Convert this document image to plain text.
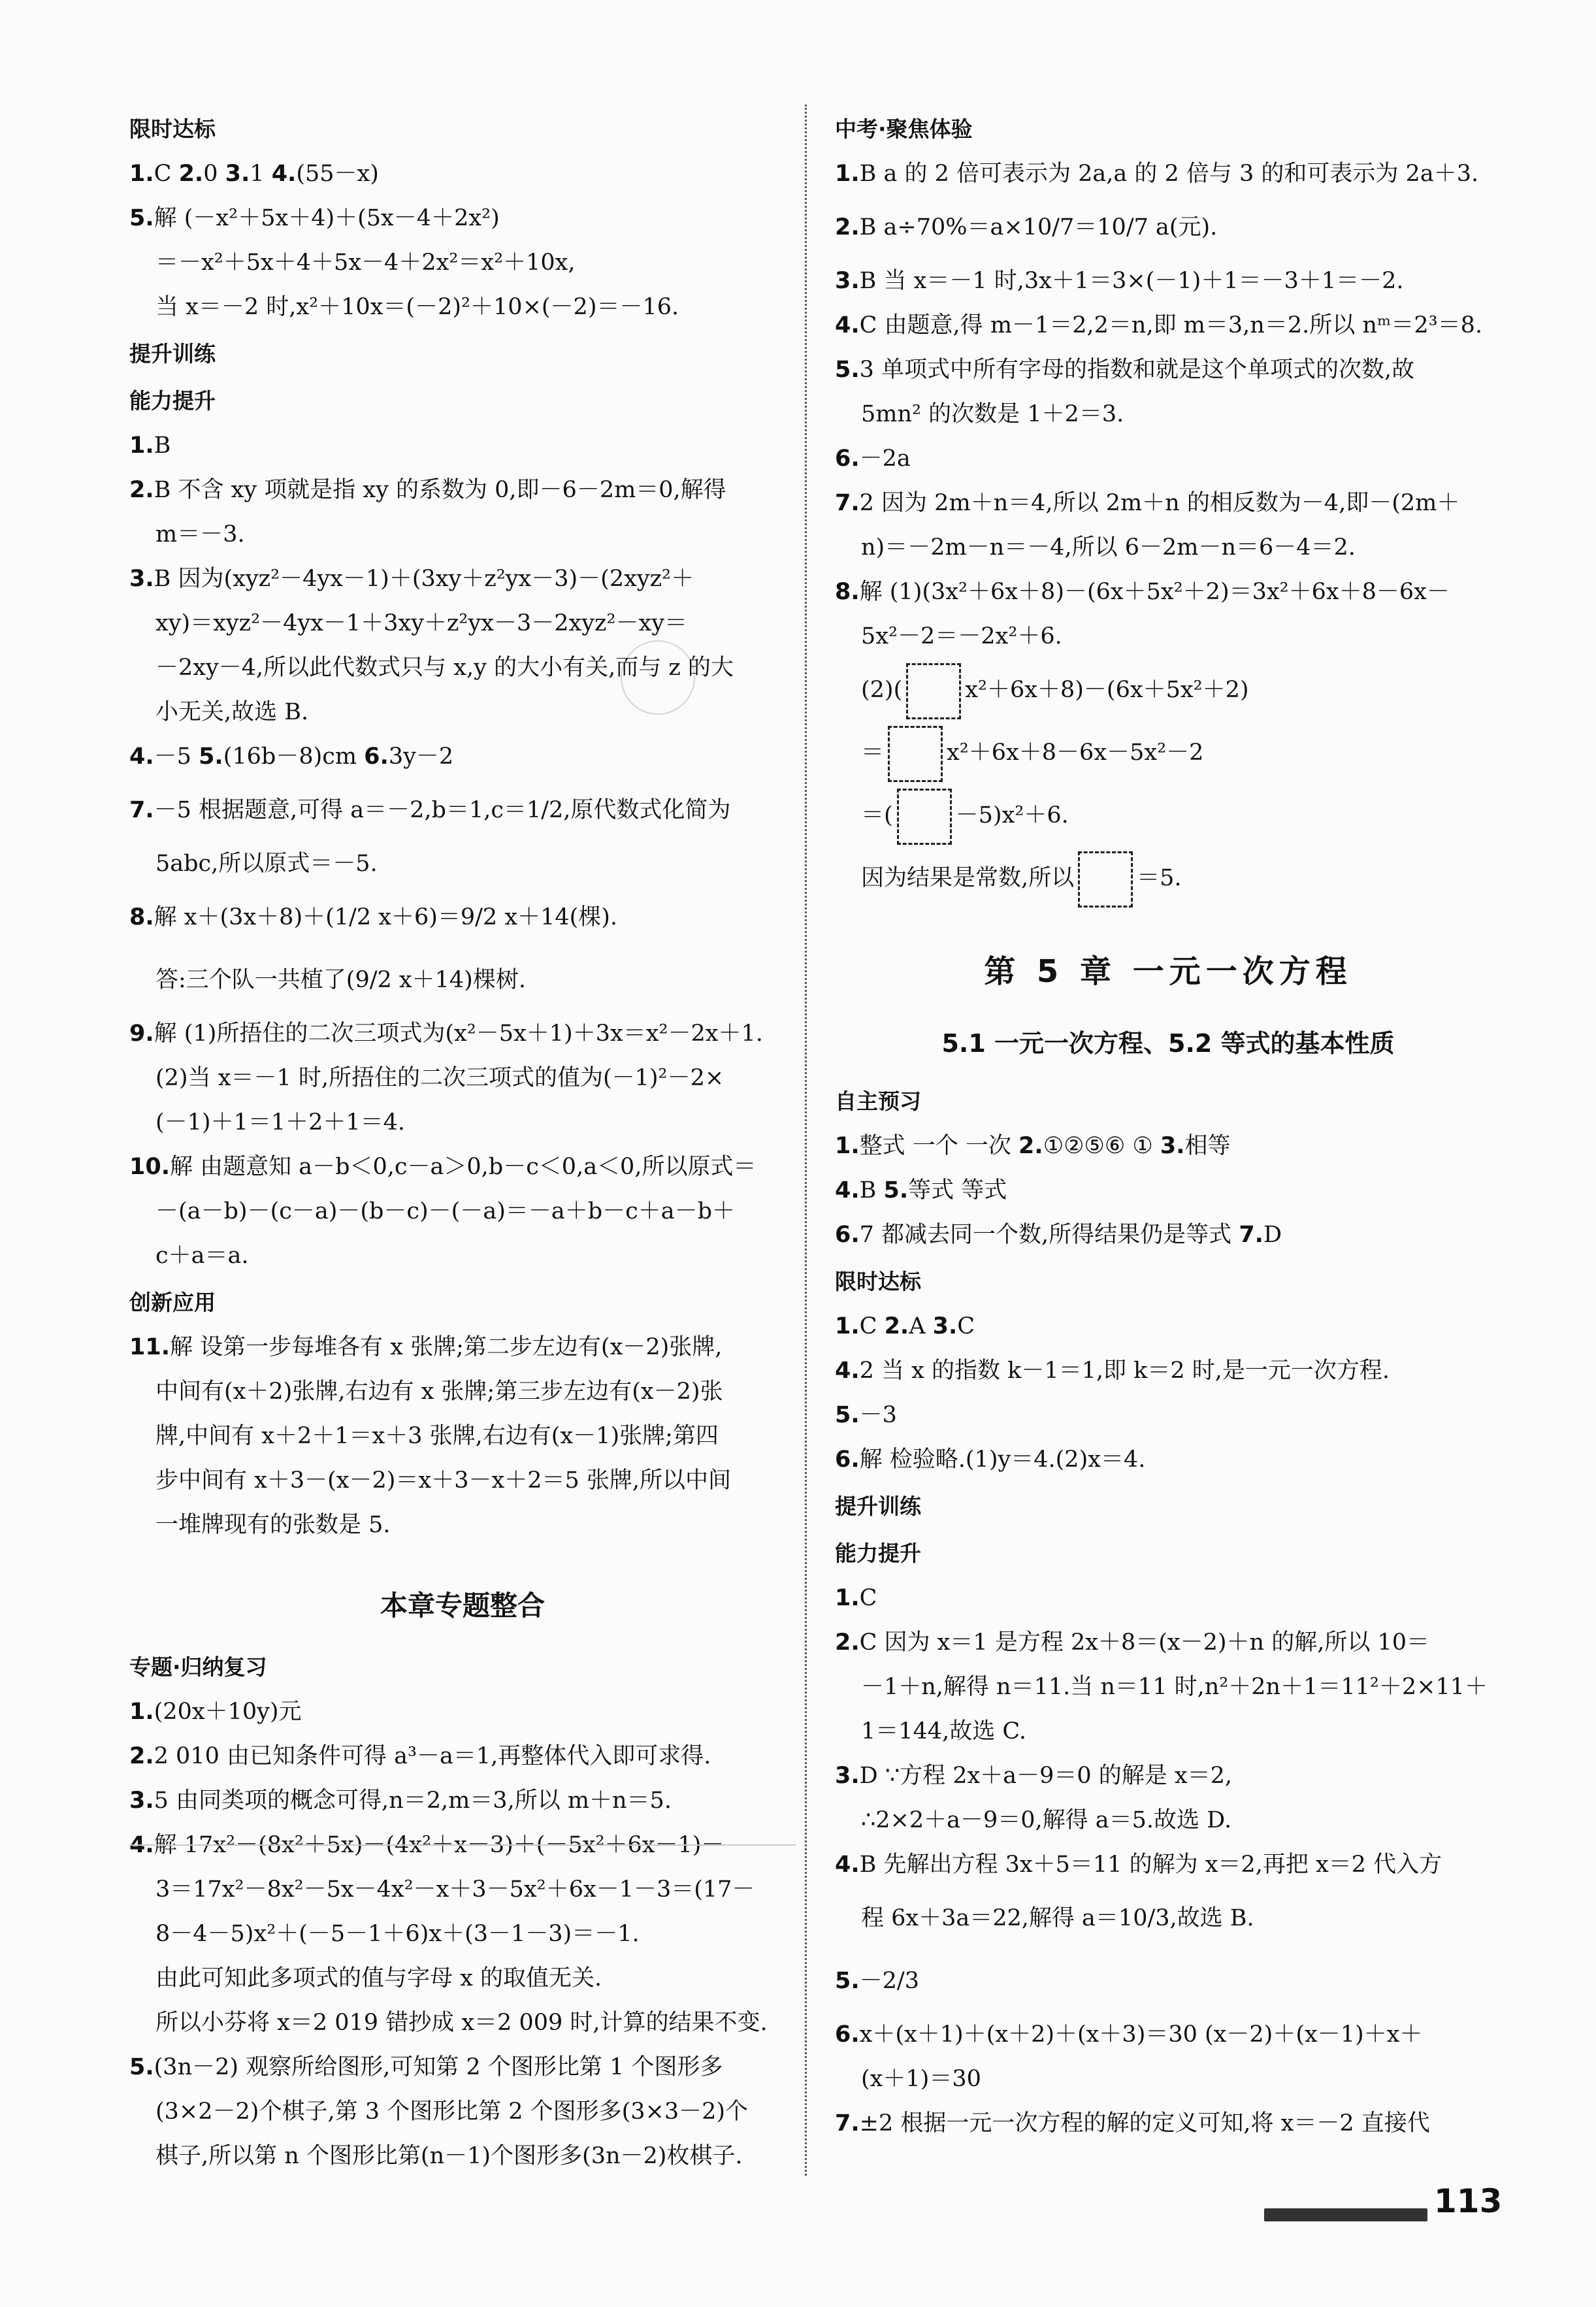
限时达标

1.C 2.0 3.1 4.(55－x)

5.解 (－x²＋5x＋4)＋(5x－4＋2x²)

＝－x²＋5x＋4＋5x－4＋2x²＝x²＋10x,

当 x＝－2 时,x²＋10x＝(－2)²＋10×(－2)＝－16.

提升训练
能力提升

1.B

2.B 不含 xy 项就是指 xy 的系数为 0,即－6－2m＝0,解得

m＝－3.

3.B 因为(xyz²－4yx－1)＋(3xy＋z²yx－3)－(2xyz²＋

xy)＝xyz²－4yx－1＋3xy＋z²yx－3－2xyz²－xy＝

－2xy－4,所以此代数式只与 x,y 的大小有关,而与 z 的大

小无关,故选 B.

4.－5 5.(16b－8)cm 6.3y－2

7.－5 根据题意,可得 a＝－2,b＝1,c＝1/2,原代数式化简为

5abc,所以原式＝－5.

8.解 x＋(3x＋8)＋(1/2 x＋6)＝9/2 x＋14(棵).

答:三个队一共植了(9/2 x＋14)棵树.

9.解 (1)所捂住的二次三项式为(x²－5x＋1)＋3x＝x²－2x＋1.

(2)当 x＝－1 时,所捂住的二次三项式的值为(－1)²－2×

(－1)＋1＝1＋2＋1＝4.

10.解 由题意知 a－b＜0,c－a＞0,b－c＜0,a＜0,所以原式＝

－(a－b)－(c－a)－(b－c)－(－a)＝－a＋b－c＋a－b＋

c＋a＝a.

创新应用

11.解 设第一步每堆各有 x 张牌;第二步左边有(x－2)张牌,

中间有(x＋2)张牌,右边有 x 张牌;第三步左边有(x－2)张

牌,中间有 x＋2＋1＝x＋3 张牌,右边有(x－1)张牌;第四

步中间有 x＋3－(x－2)＝x＋3－x＋2＝5 张牌,所以中间

一堆牌现有的张数是 5.

本章专题整合
专题·归纳复习

1.(20x＋10y)元

2.2 010 由已知条件可得 a³－a＝1,再整体代入即可求得.

3.5 由同类项的概念可得,n＝2,m＝3,所以 m＋n＝5.

4.解 17x²－(8x²＋5x)－(4x²＋x－3)＋(－5x²＋6x－1)－

3＝17x²－8x²－5x－4x²－x＋3－5x²＋6x－1－3＝(17－

8－4－5)x²＋(－5－1＋6)x＋(3－1－3)＝－1.

由此可知此多项式的值与字母 x 的取值无关.

所以小芬将 x＝2 019 错抄成 x＝2 009 时,计算的结果不变.

5.(3n－2) 观察所给图形,可知第 2 个图形比第 1 个图形多

(3×2－2)个棋子,第 3 个图形比第 2 个图形多(3×3－2)个

棋子,所以第 n 个图形比第(n－1)个图形多(3n－2)枚棋子.

中考·聚焦体验

1.B a 的 2 倍可表示为 2a,a 的 2 倍与 3 的和可表示为 2a＋3.

2.B a÷70%＝a×10/7＝10/7 a(元).

3.B 当 x＝－1 时,3x＋1＝3×(－1)＋1＝－3＋1＝－2.

4.C 由题意,得 m－1＝2,2＝n,即 m＝3,n＝2.所以 nᵐ＝2³＝8.

5.3 单项式中所有字母的指数和就是这个单项式的次数,故

5mn² 的次数是 1＋2＝3.

6.－2a

7.2 因为 2m＋n＝4,所以 2m＋n 的相反数为－4,即－(2m＋

n)＝－2m－n＝－4,所以 6－2m－n＝6－4＝2.

8.解 (1)(3x²＋6x＋8)－(6x＋5x²＋2)＝3x²＋6x＋8－6x－

5x²－2＝－2x²＋6.

(2)(	x²＋6x＋8)－(6x＋5x²＋2)

＝	x²＋6x＋8－6x－5x²－2

＝(	－5)x²＋6.

因为结果是常数,所以	＝5.

第 5 章 一元一次方程
5.1 一元一次方程、5.2 等式的基本性质
自主预习

1.整式 一个 一次 2.①②⑤⑥ ① 3.相等

4.B 5.等式 等式

6.7 都减去同一个数,所得结果仍是等式 7.D

限时达标

1.C 2.A 3.C

4.2 当 x 的指数 k－1＝1,即 k＝2 时,是一元一次方程.

5.－3

6.解 检验略.(1)y＝4.(2)x＝4.

提升训练
能力提升

1.C

2.C 因为 x＝1 是方程 2x＋8＝(x－2)＋n 的解,所以 10＝

－1＋n,解得 n＝11.当 n＝11 时,n²＋2n＋1＝11²＋2×11＋

1＝144,故选 C.

3.D ∵方程 2x＋a－9＝0 的解是 x＝2,

∴2×2＋a－9＝0,解得 a＝5.故选 D.

4.B 先解出方程 3x＋5＝11 的解为 x＝2,再把 x＝2 代入方

程 6x＋3a＝22,解得 a＝10/3,故选 B.

5.－2/3

6.x＋(x＋1)＋(x＋2)＋(x＋3)＝30 (x－2)＋(x－1)＋x＋

(x＋1)＝30

7.±2 根据一元一次方程的解的定义可知,将 x＝－2 直接代

113
